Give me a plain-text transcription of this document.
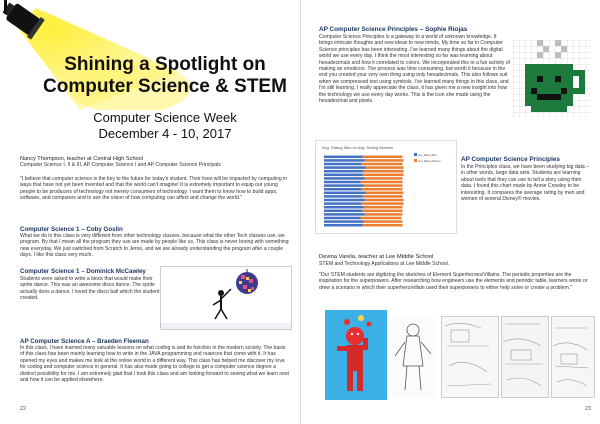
Shining a Spotlight on
Computer Science & STEM
Computer Science Week
December 4 - 10, 2017
Nancy Thompson, teacher at Central High School
Computer Science I, II & III, AP Computer Science I and AP Computer Science Principals
"I believe that computer science is the key to the future for today's student. Their lives will be impacted by computing in ways that have not yet been invented and that the world can't imagine! It is extremely important to equip our young people to be producers of technology not merely consumers of technology. I want them to know how to build apps, software, and computers and to see the vision of how computing can affect and change the world."
Computer Science 1 – Coby Goslin
What we do in this class is very different from other technology classes, because what the other Tech classes use, we program. By that I mean all the program they use are made by people like us. This class is never boring with something new everyday. We just switched from Scratch to Jeroo, and we are already understanding the program after a couple days. I like this class very much.
Computer Science 1 – Dominick McCawley
Students were asked to write a block that would make their sprite dance. This was an awesome disco dance. The sprite actually does a dance. I loved the disco ball which the student created.
AP Computer Science A – Braeden Fleeman
In this class, I have learned many valuable lessons on what coding is and its function in the modern society. The basis of this class has been mainly learning how to write in the JAVA programming and nuances that come with it. It has opened my eyes and makes me look at the online world in a different way. This class has helped me discover my love for coding and computer science in general. It has also made going to college to get a computer science degree a distinct possibility for me. I am extremely glad that I took this class and am looking forward to seeing what we learn next and how it can be applied elsewhere.
22
AP Computer Science Principles – Sophie Riojas
Computer Science Principles is a gateway to a world of unknown knowledge. It brings intricate thoughts and new ideas to new minds. My time so far in Computer Science principles has been interesting. I've learned many things about the digital world we use every day. I think the most interesting so far was learning about hexadecimals and how it correlated to colors. We incorporated this to a fun activity of making an emoticon. The process was time consuming, but worth it because in the end you created your very own thing using only hexadecimals. This also follows suit when we compressed text using symbols. I've learned many things in this class, and I'm still learning. I really appreciate the class, it has given me a new insight into how the technology we use every day works. This is the icon she made using the hexadecimal and pixels.
Avg. Rating Men vs Avg. Rating Women
Avg. Rating Men
Avg. Rating Women	AP Computer Science Principles
In the Principles class, we have been studying big data – in other words, large data sets. Students are learning about tools that they can use to tell a story using their data. I found this chart made by Annie Crowley to be interesting. It compares the average rating by men and women of several Disney© movies.
Devina Varela, teacher at Lee Middle School
STEM and Technology Applications at Lee Middle School.
"Our STEM students are digitizing the sketches of Element Superheroes/Villains. The periodic properties are the inspiration for the superpowers. After researching how engineers use the elements and periodic table, learners wrote or drew a scenario in which their superhero/villain used their superpowers to either help solve or create a problem."
23
